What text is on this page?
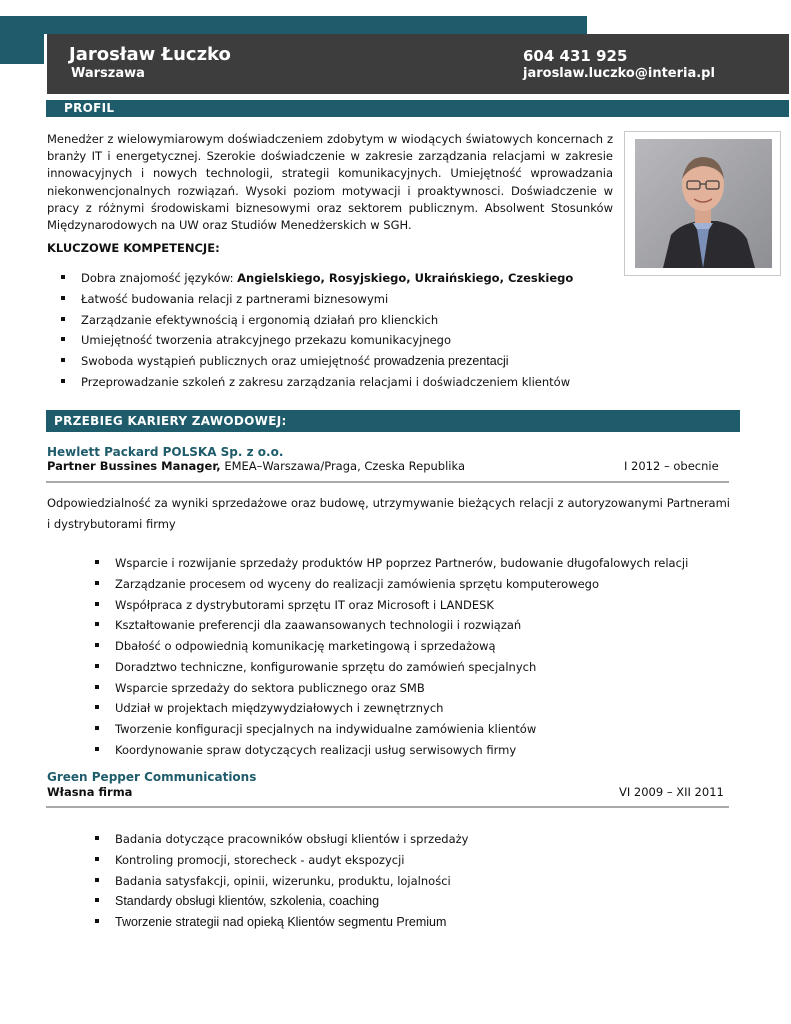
Jarosław Łuczko
Warszawa
604 431 925
jaroslaw.luczko@interia.pl
PROFIL

Menedżer z wielowymiarowym doświadczeniem zdobytym w wiodących światowych koncernach z branży IT i energetycznej. Szerokie doświadczenie w zakresie zarządzania relacjami w zakresie innowacyjnych i nowych technologii, strategii komunikacyjnych. Umiejętność wprowadzania niekonwencjonalnych rozwiązań. Wysoki poziom motywacji i proaktywnosci. Doświadczenie w pracy z różnymi środowiskami biznesowymi oraz sektorem publicznym. Absolwent Stosunków Międzynarodowych na UW oraz Studiów Menedżerskich w SGH.

KLUCZOWE KOMPETENCJE:
Dobra znajomość języków: Angielskiego, Rosyjskiego, Ukraińskiego, Czeskiego
Łatwość budowania relacji z partnerami biznesowymi
Zarządzanie efektywnością i ergonomią działań pro klienckich
Umiejętność tworzenia atrakcyjnego przekazu komunikacyjnego
Swoboda wystąpień publicznych oraz umiejętność prowadzenia prezentacji
Przeprowadzanie szkoleń z zakresu zarządzania relacjami i doświadczeniem klientów
PRZEBIEG KARIERY ZAWODOWEJ:
Hewlett Packard POLSKA Sp. z o.o.
Partner Bussines Manager, EMEA–Warszawa/Praga, Czeska Republika	I 2012 – obecnie

Odpowiedzialność za wyniki sprzedażowe oraz budowę, utrzymywanie bieżących relacji z autoryzowanymi Partnerami i dystrybutorami firmy

Wsparcie i rozwijanie sprzedaży produktów HP poprzez Partnerów, budowanie długofalowych relacji
Zarządzanie procesem od wyceny do realizacji zamówienia sprzętu komputerowego
Współpraca z dystrybutorami sprzętu IT oraz Microsoft i LANDESK
Kształtowanie preferencji dla zaawansowanych technologii i rozwiązań
Dbałość o odpowiednią komunikację marketingową i sprzedażową
Doradztwo techniczne, konfigurowanie sprzętu do zamówień specjalnych
Wsparcie sprzedaży do sektora publicznego oraz SMB
Udział w projektach międzywydziałowych i zewnętrznych
Tworzenie konfiguracji specjalnych na indywidualne zamówienia klientów
Koordynowanie spraw dotyczących realizacji usług serwisowych firmy
Green Pepper Communications
Własna firma	VI 2009 – XII 2011
Badania dotyczące pracowników obsługi klientów i sprzedaży
Kontroling promocji, storecheck - audyt ekspozycji
Badania satysfakcji, opinii, wizerunku, produktu, lojalności
Standardy obsługi klientów, szkolenia, coaching
Tworzenie strategii nad opieką Klientów segmentu Premium
